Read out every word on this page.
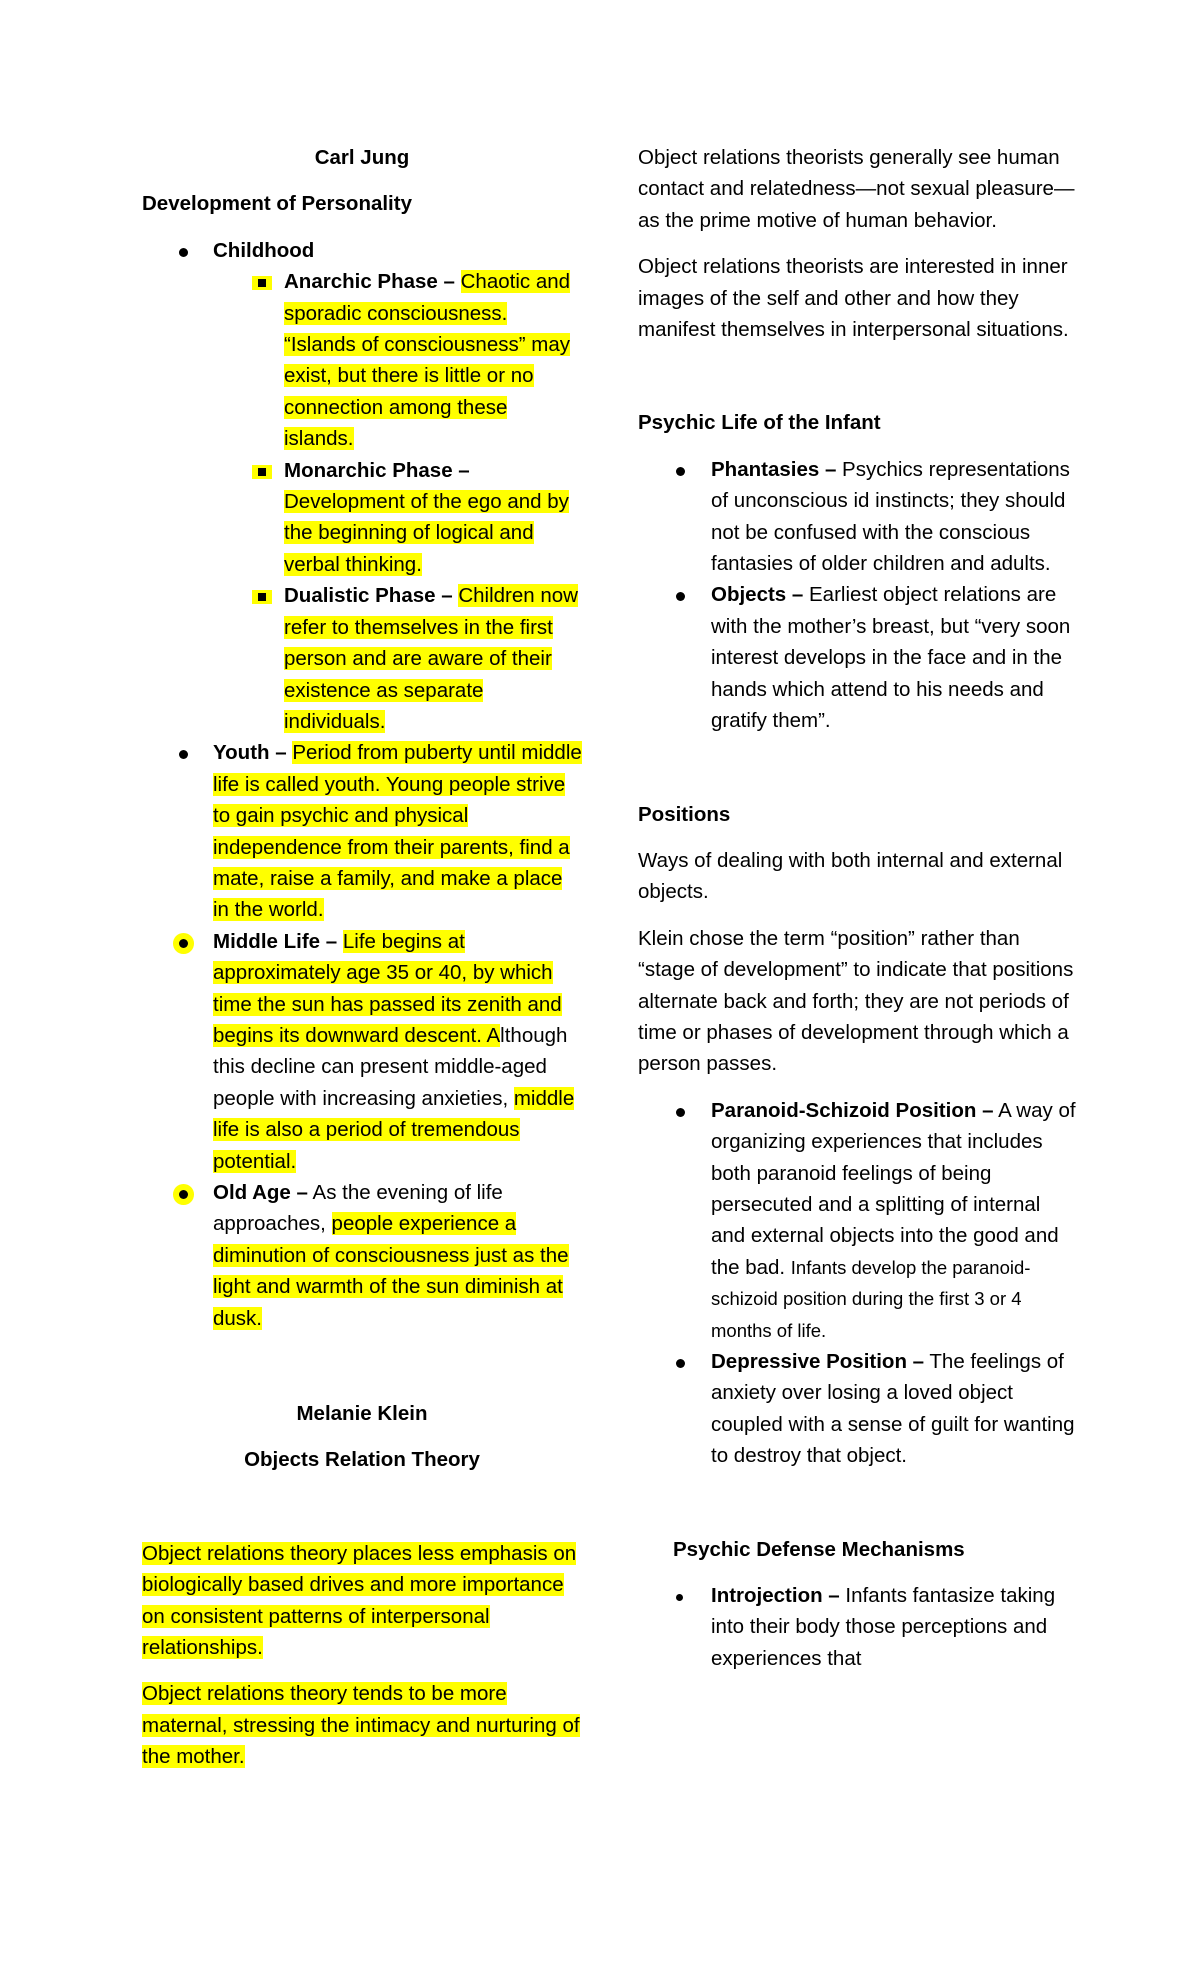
Carl Jung

Development of Personality

Childhood
Anarchic Phase – Chaotic and sporadic consciousness. “Islands of consciousness” may exist, but there is little or no connection among these islands.
Monarchic Phase – Development of the ego and by the beginning of logical and verbal thinking.
Dualistic Phase – Children now refer to themselves in the first person and are aware of their existence as separate individuals.
Youth – Period from puberty until middle life is called youth. Young people strive to gain psychic and physical independence from their parents, find a mate, raise a family, and make a place in the world.
Middle Life – Life begins at approximately age 35 or 40, by which time the sun has passed its zenith and begins its downward descent. Although this decline can present middle-aged people with increasing anxieties, middle life is also a period of tremendous potential.
Old Age – As the evening of life approaches, people experience a diminution of consciousness just as the light and warmth of the sun diminish at dusk.

Melanie Klein

Objects Relation Theory

Object relations theory places less emphasis on biologically based drives and more importance on consistent patterns of interpersonal relationships.

Object relations theory tends to be more maternal, stressing the intimacy and nurturing of the mother.

Object relations theorists generally see human contact and relatedness—not sexual pleasure—as the prime motive of human behavior.

Object relations theorists are interested in inner images of the self and other and how they manifest themselves in interpersonal situations.

Psychic Life of the Infant

Phantasies – Psychics representations of unconscious id instincts; they should not be confused with the conscious fantasies of older children and adults.
Objects – Earliest object relations are with the mother’s breast, but “very soon interest develops in the face and in the hands which attend to his needs and gratify them”.

Positions

Ways of dealing with both internal and external objects.

Klein chose the term “position” rather than “stage of development” to indicate that positions alternate back and forth; they are not periods of time or phases of development through which a person passes.

Paranoid-Schizoid Position – A way of organizing experiences that includes both paranoid feelings of being persecuted and a splitting of internal and external objects into the good and the bad. Infants develop the paranoid-schizoid position during the first 3 or 4 months of life.
Depressive Position – The feelings of anxiety over losing a loved object coupled with a sense of guilt for wanting to destroy that object.

Psychic Defense Mechanisms

Introjection – Infants fantasize taking into their body those perceptions and experiences that
